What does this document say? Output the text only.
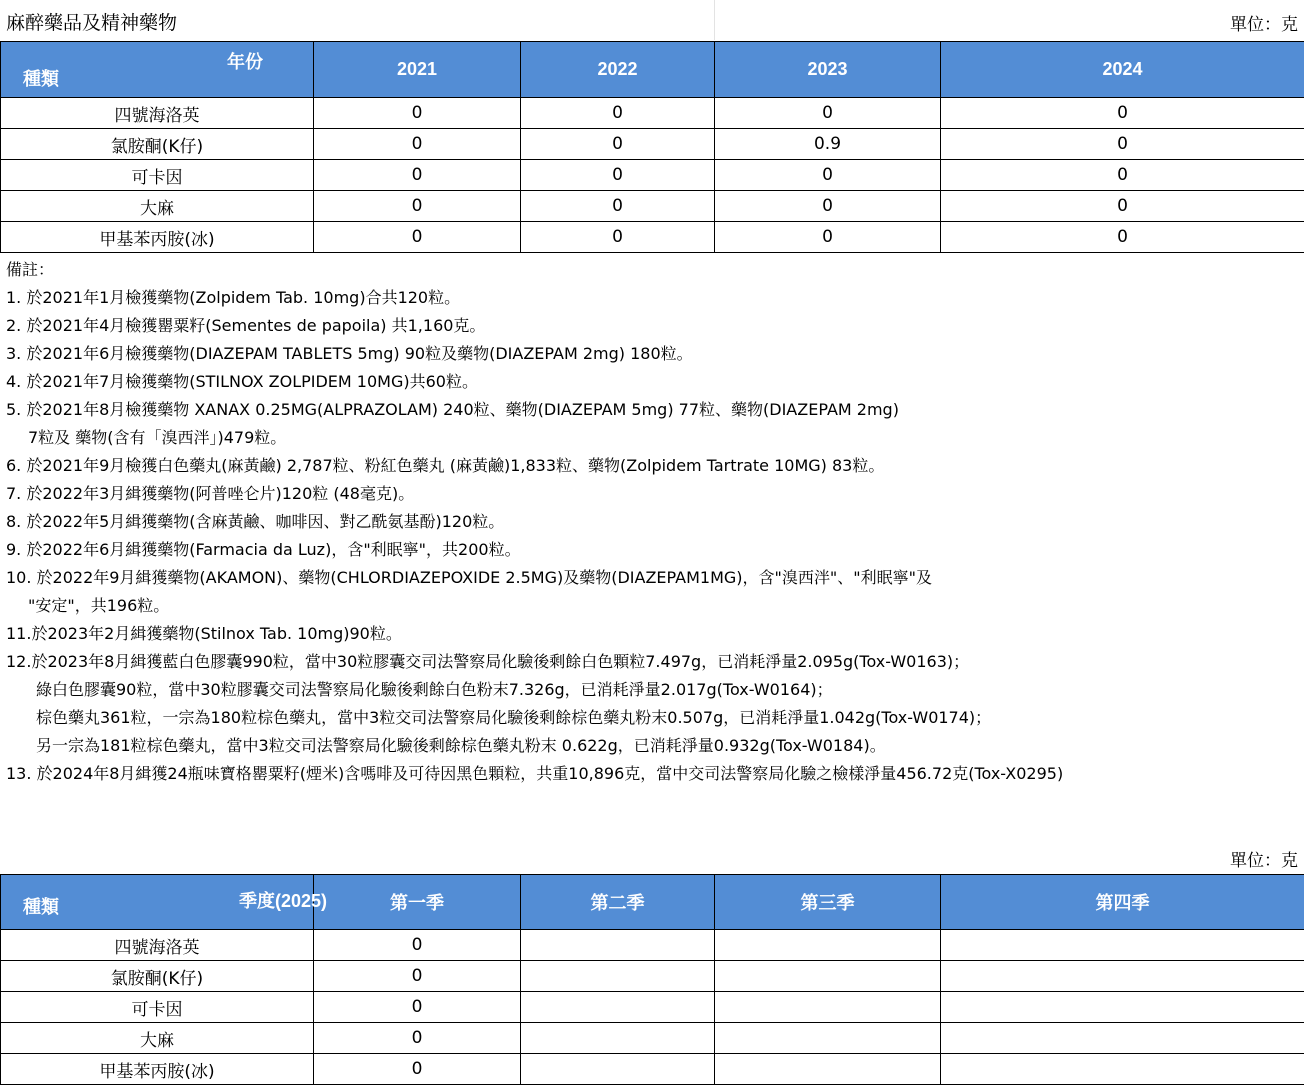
麻醉藥品及精神藥物	單位：克
年份
種類	2021	2022	2023	2024
四號海洛英	0	0	0	0
氯胺酮(K仔)	0	0	0.9	0
可卡因	0	0	0	0
大麻	0	0	0	0
甲基苯丙胺(冰)	0	0	0	0
備註：
1. 於2021年1月檢獲藥物(Zolpidem Tab. 10mg)合共120粒。
2. 於2021年4月檢獲罌粟籽(Sementes de papoila) 共1,160克。
3. 於2021年6月檢獲藥物(DIAZEPAM TABLETS 5mg) 90粒及藥物(DIAZEPAM 2mg) 180粒。
4. 於2021年7月檢獲藥物(STILNOX ZOLPIDEM 10MG)共60粒。
5. 於2021年8月檢獲藥物 XANAX 0.25MG(ALPRAZOLAM) 240粒、藥物(DIAZEPAM 5mg) 77粒、藥物(DIAZEPAM 2mg)
7粒及 藥物(含有「溴西泮」)479粒。
6. 於2021年9月檢獲白色藥丸(麻黃鹼) 2,787粒、粉紅色藥丸 (麻黃鹼)1,833粒、藥物(Zolpidem Tartrate 10MG) 83粒。
7. 於2022年3月緝獲藥物(阿普唑仑片)120粒 (48毫克)。
8. 於2022年5月緝獲藥物(含麻黃鹼、咖啡因、對乙酰氨基酚)120粒。
9. 於2022年6月緝獲藥物(Farmacia da Luz)，含"利眠寧"，共200粒。
10. 於2022年9月緝獲藥物(AKAMON)、藥物(CHLORDIAZEPOXIDE 2.5MG)及藥物(DIAZEPAM1MG)，含"溴西泮"、"利眠寧"及
"安定"，共196粒。
11.於2023年2月緝獲藥物(Stilnox Tab. 10mg)90粒。
12.於2023年8月緝獲藍白色膠囊990粒，當中30粒膠囊交司法警察局化驗後剩餘白色顆粒7.497g，已消耗淨量2.095g(Tox-W0163)；
綠白色膠囊90粒，當中30粒膠囊交司法警察局化驗後剩餘白色粉末7.326g，已消耗淨量2.017g(Tox-W0164)；
棕色藥丸361粒，一宗為180粒棕色藥丸，當中3粒交司法警察局化驗後剩餘棕色藥丸粉末0.507g，已消耗淨量1.042g(Tox-W0174)；
另一宗為181粒棕色藥丸，當中3粒交司法警察局化驗後剩餘棕色藥丸粉末 0.622g，已消耗淨量0.932g(Tox-W0184)。
13. 於2024年8月緝獲24瓶味寶格罌粟籽(煙米)含嗎啡及可待因黑色顆粒，共重10,896克，當中交司法警察局化驗之檢樣淨量456.72克(Tox-X0295)
單位：克
季度(2025)
種類	第一季	第二季	第三季	第四季
四號海洛英	0			
氯胺酮(K仔)	0			
可卡因	0			
大麻	0			
甲基苯丙胺(冰)	0			
